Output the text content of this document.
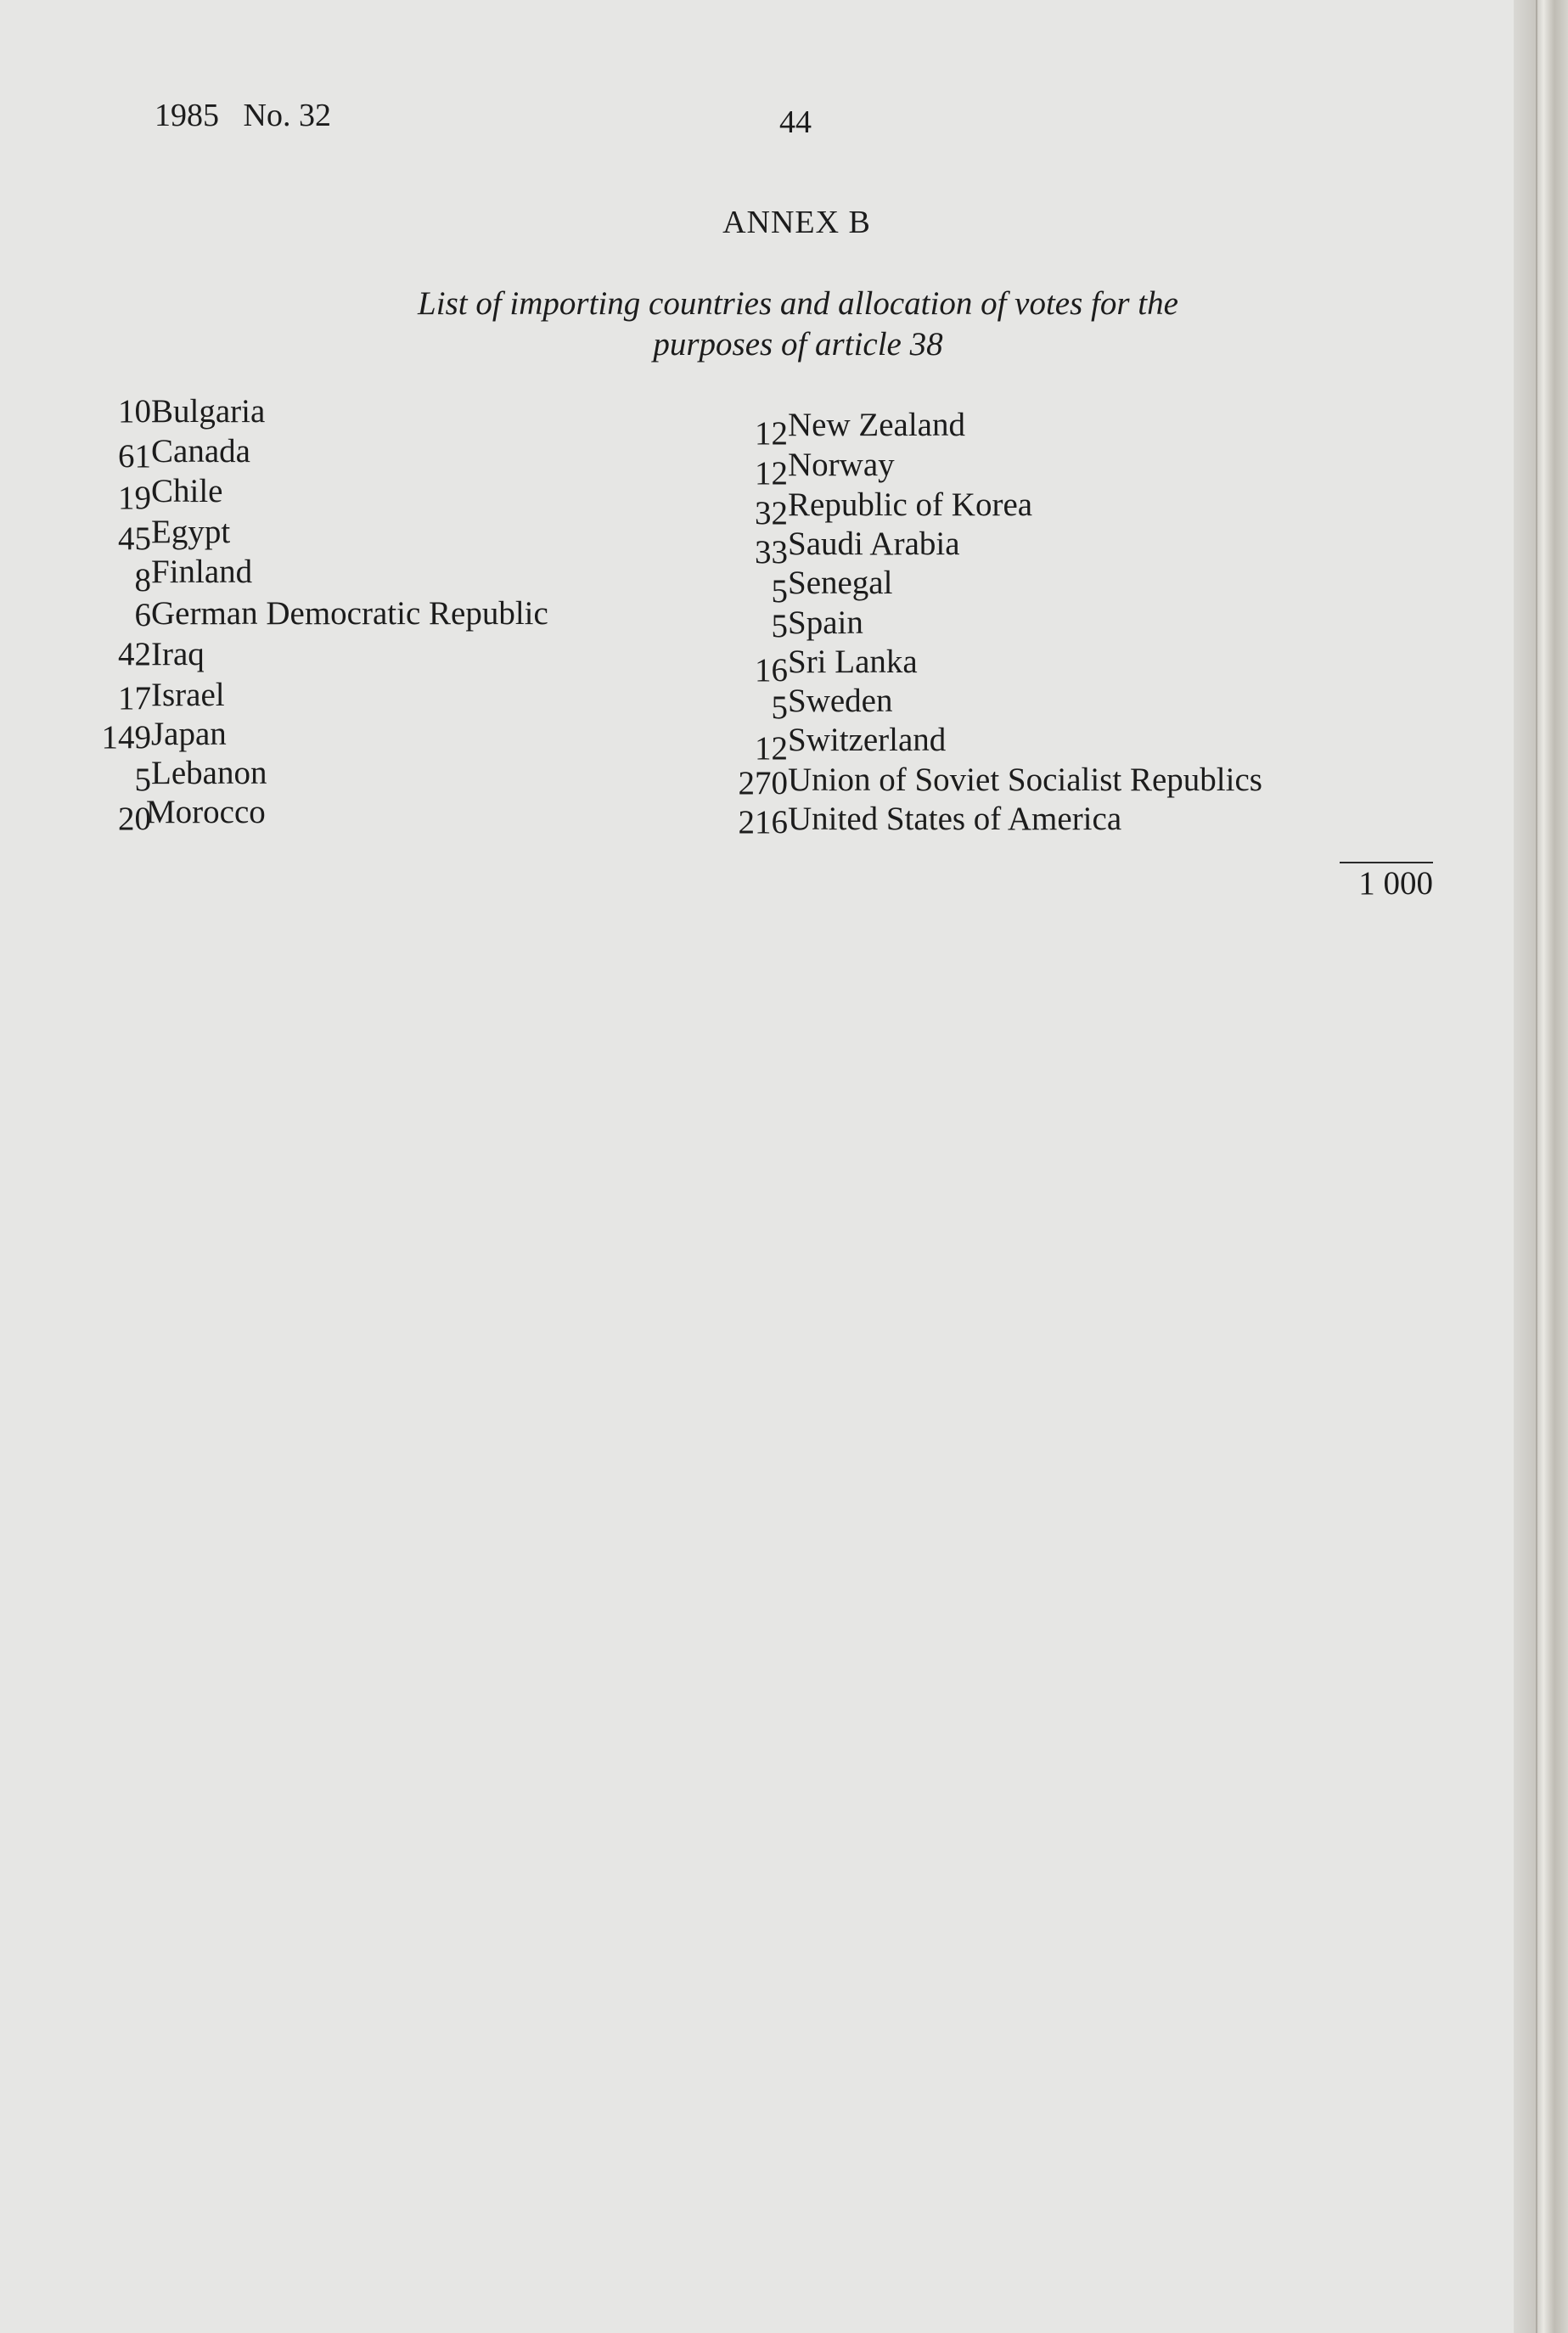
1985   No. 32	44
ANNEX B
List of importing countries and allocation of votes for the
purposes of article 38
Bulgaria
10
Canada
61
Chile
19
Egypt
45
Finland
8
German Democratic Republic
6
Iraq
42
Israel
17
Japan
149
Lebanon
5
Morocco
20
New Zealand
12
Norway
12
Republic of Korea
32
Saudi Arabia
33
Senegal
5
Spain
5
Sri Lanka
16
Sweden
5
Switzerland
12
Union of Soviet Socialist Republics
270
United States of America
216
1 000
